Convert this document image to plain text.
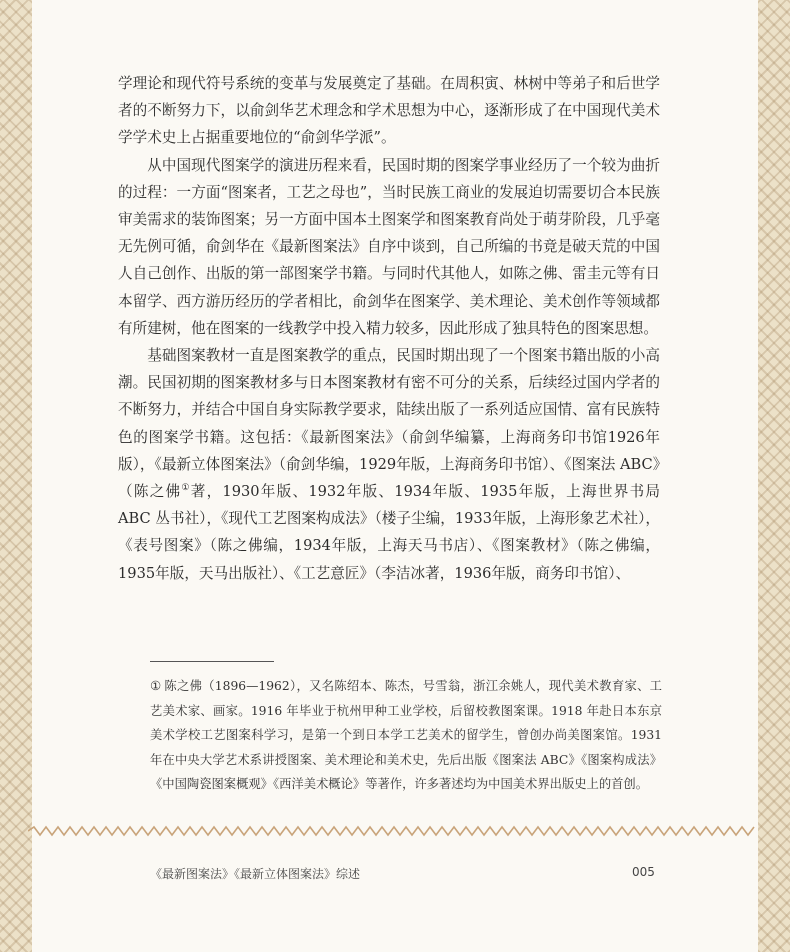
学理论和现代符号系统的变革与发展奠定了基础。在周积寅、林树中等弟子和后世学者的不断努力下，以俞剑华艺术理念和学术思想为中心，逐渐形成了在中国现代美术学学术史上占据重要地位的“俞剑华学派”。

从中国现代图案学的演进历程来看，民国时期的图案学事业经历了一个较为曲折的过程：一方面“图案者，工艺之母也”，当时民族工商业的发展迫切需要切合本民族审美需求的装饰图案；另一方面中国本土图案学和图案教育尚处于萌芽阶段，几乎毫无先例可循，俞剑华在《最新图案法》自序中谈到，自己所编的书竟是破天荒的中国人自己创作、出版的第一部图案学书籍。与同时代其他人，如陈之佛、雷圭元等有日本留学、西方游历经历的学者相比，俞剑华在图案学、美术理论、美术创作等领域都有所建树，他在图案的一线教学中投入精力较多，因此形成了独具特色的图案思想。

基础图案教材一直是图案教学的重点，民国时期出现了一个图案书籍出版的小高潮。民国初期的图案教材多与日本图案教材有密不可分的关系，后续经过国内学者的不断努力，并结合中国自身实际教学要求，陆续出版了一系列适应国情、富有民族特色的图案学书籍。这包括：《最新图案法》（俞剑华编纂，上海商务印书馆1926年版），《最新立体图案法》（俞剑华编，1929年版，上海商务印书馆）、《图案法 ABC》（陈之佛①著，1930年版、1932年版、1934年版、1935年版，上海世界书局 ABC 丛书社），《现代工艺图案构成法》（楼子尘编，1933年版，上海形象艺术社），《表号图案》（陈之佛编，1934年版，上海天马书店）、《图案教材》（陈之佛编，1935年版，天马出版社）、《工艺意匠》（李洁冰著，1936年版，商务印书馆）、

① 陈之佛（1896—1962），又名陈绍本、陈杰，号雪翁，浙江余姚人，现代美术教育家、工艺美术家、画家。1916 年毕业于杭州甲种工业学校，后留校教图案课。1918 年赴日本东京美术学校工艺图案科学习，是第一个到日本学工艺美术的留学生，曾创办尚美图案馆。1931 年在中央大学艺术系讲授图案、美术理论和美术史，先后出版《图案法 ABC》《图案构成法》《中国陶瓷图案概观》《西洋美术概论》等著作，许多著述均为中国美术界出版史上的首创。
《最新图案法》《最新立体图案法》综述	005
